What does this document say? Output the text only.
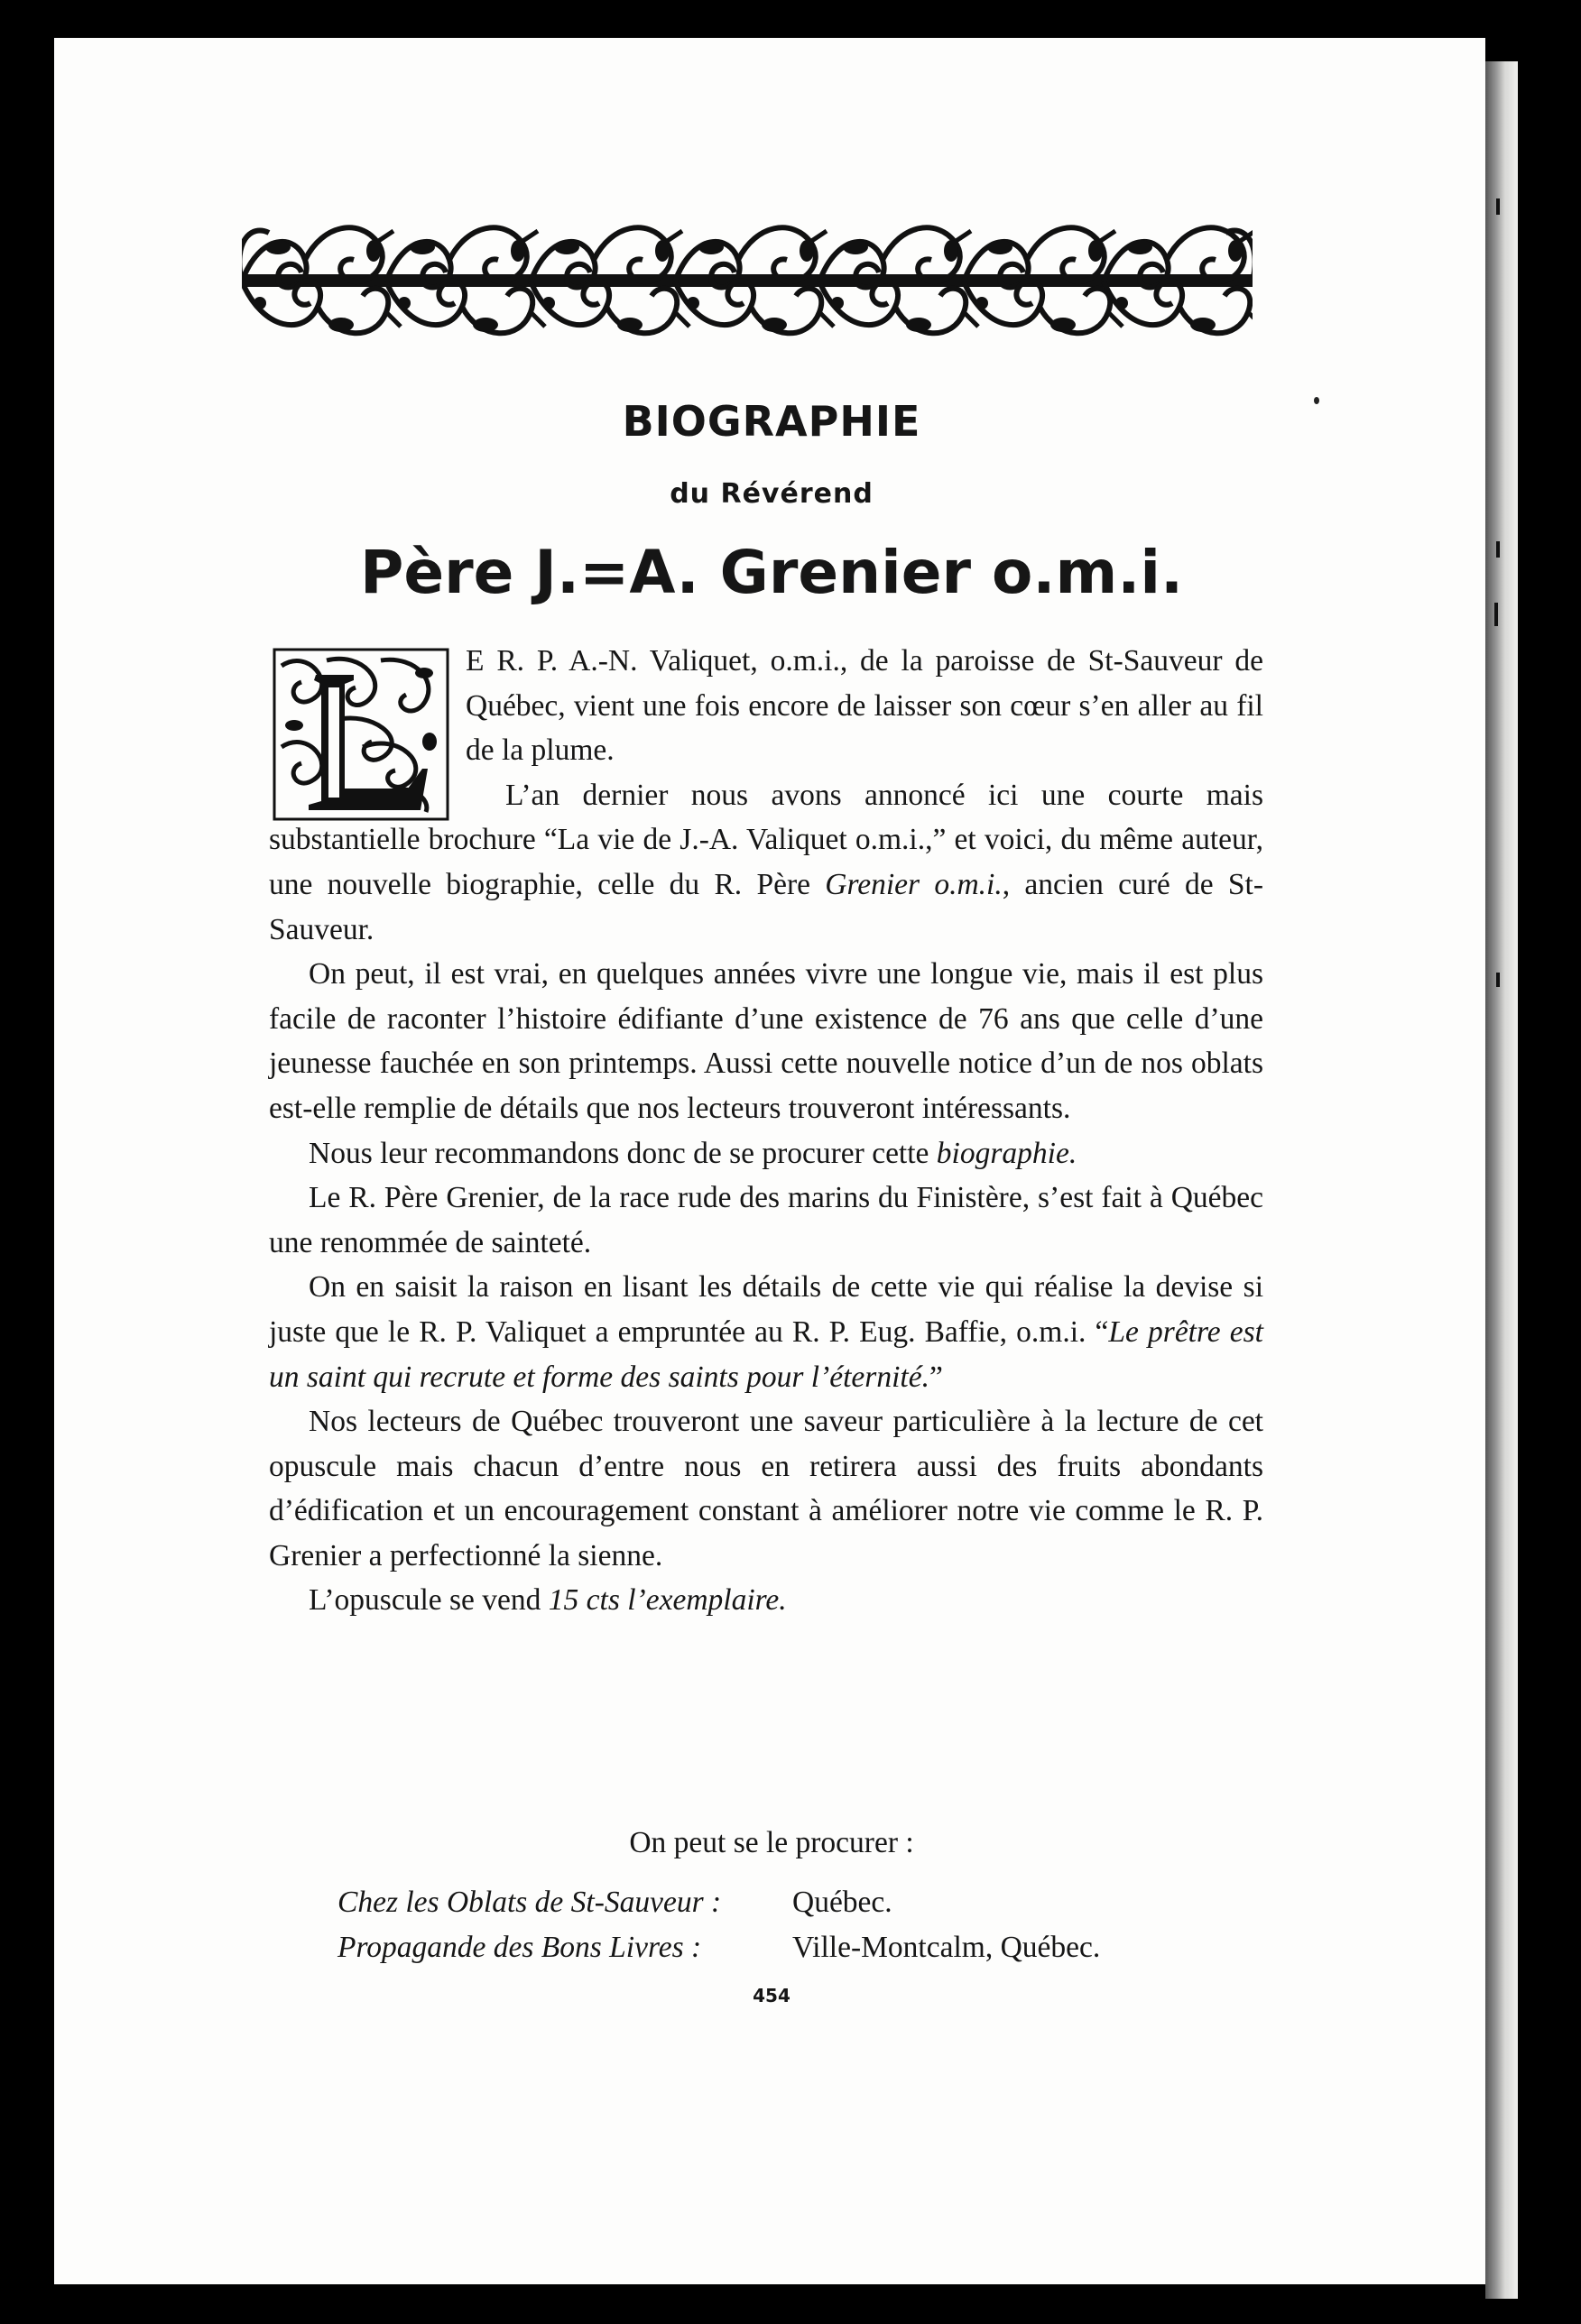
BIOGRAPHIE
du Révérend
Père J.=A. Grenier o.m.i.

E R. P. A.-N. Valiquet, o.m.i., de la paroisse de St-Sauveur de Québec, vient une fois encore de laisser son cœur s’en aller au fil de la plume.

L’an dernier nous avons annoncé ici une courte mais substantielle brochure “La vie de J.-A. Valiquet o.m.i.,” et voici, du même auteur, une nouvelle biographie, celle du R. Père Grenier o.m.i., ancien curé de St-Sauveur.

On peut, il est vrai, en quelques années vivre une longue vie, mais il est plus facile de raconter l’histoire édifiante d’une existence de 76 ans que celle d’une jeunesse fauchée en son printemps. Aussi cette nouvelle notice d’un de nos oblats est-elle remplie de détails que nos lecteurs trouveront intéressants.

Nous leur recommandons donc de se procurer cette biographie.

Le R. Père Grenier, de la race rude des marins du Finistère, s’est fait à Québec une renommée de sainteté.

On en saisit la raison en lisant les détails de cette vie qui réalise la devise si juste que le R. P. Valiquet a empruntée au R. P. Eug. Baffie, o.m.i. “Le prêtre est un saint qui recrute et forme des saints pour l’éternité.”

Nos lecteurs de Québec trouveront une saveur particulière à la lecture de cet opuscule mais chacun d’entre nous en retirera aussi des fruits abondants d’édification et un encouragement constant à améliorer notre vie comme le R. P. Grenier a perfectionné la sienne.

L’opuscule se vend 15 cts l’exemplaire.

On peut se le procurer :
Chez les Oblats de St-Sauveur : Québec.
Propagande des Bons Livres :	Ville-Montcalm, Québec.
454
